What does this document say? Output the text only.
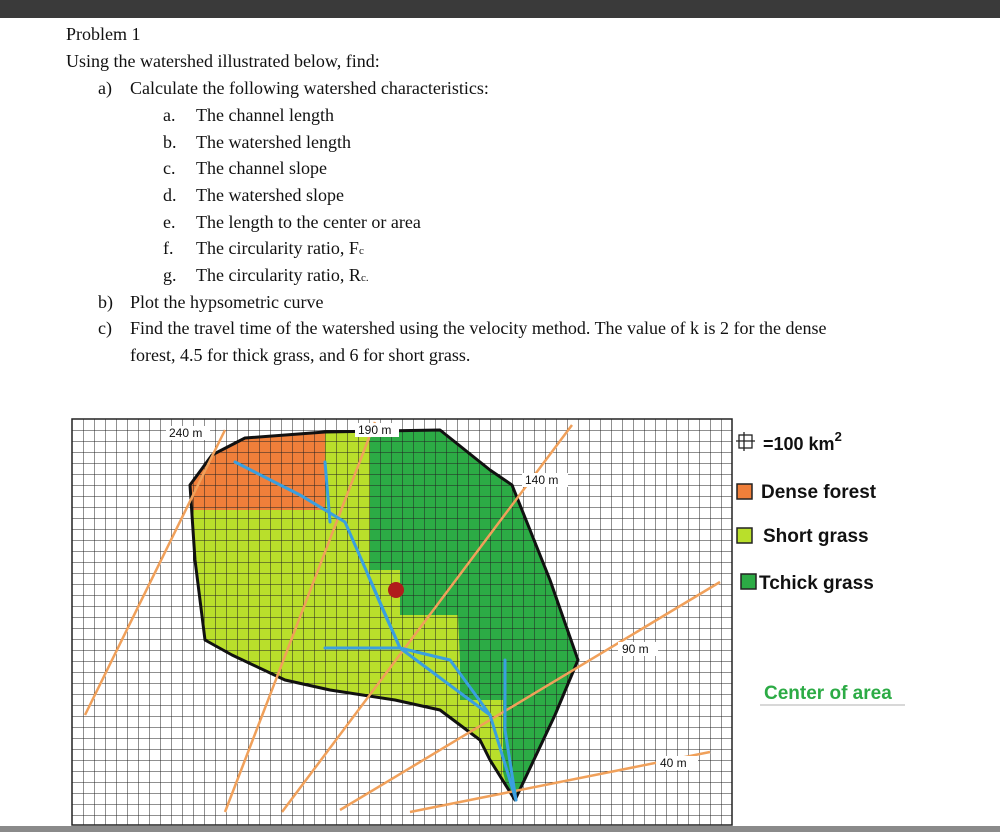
Problem 1
Using the watershed illustrated below, find:
a) Calculate the following watershed characteristics:
a. The channel length
b. The watershed length
c. The channel slope
d. The watershed slope
e. The length to the center or area
f. The circularity ratio, Fc
g. The circularity ratio, Rc.
b) Plot the hypsometric curve
c) Find the travel time of the watershed using the velocity method. The value of k is 2 for the dense
forest, 4.5 for thick grass, and 6 for short grass.
240 m	190 m
140 m
90 m
40 m
=100 $km^2$
Dense forest
Short grass
Tchick grass
Center of area
